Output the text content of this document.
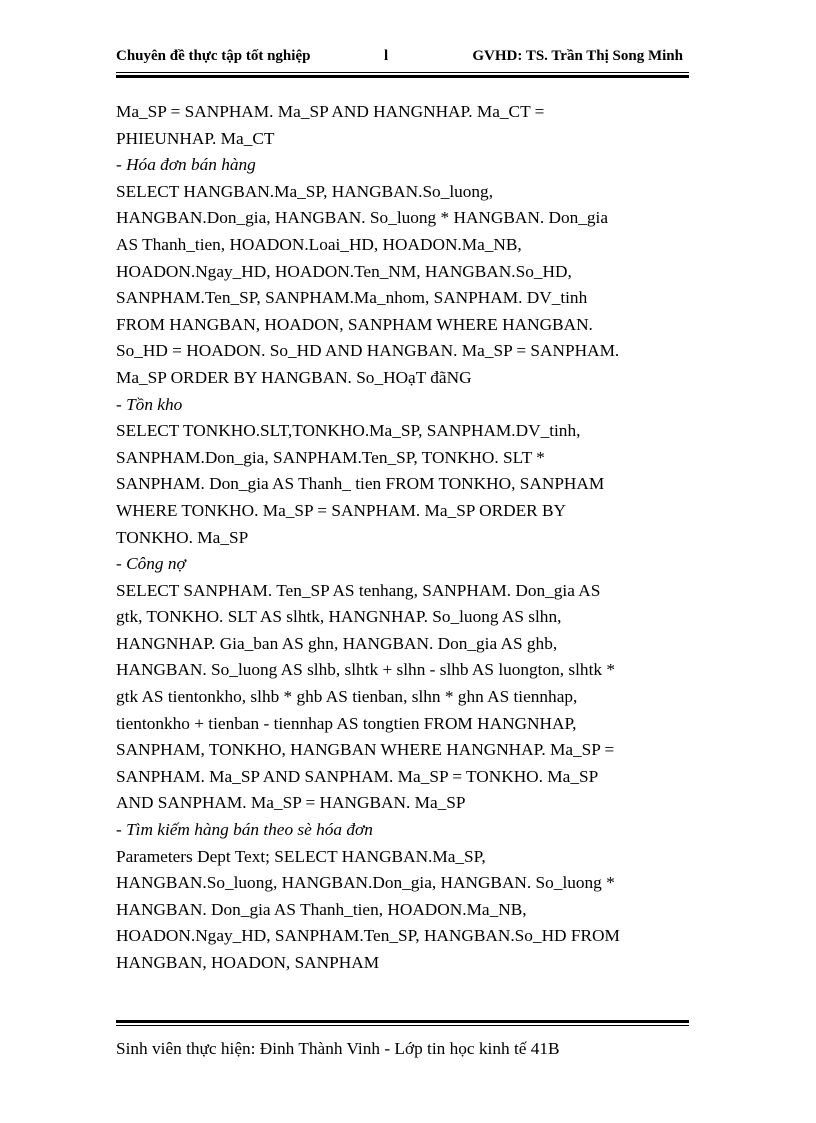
Chuyên đề thực tập tốt nghiệp	l	GVHD: TS. Trần Thị Song Minh

Ma_SP = SANPHAM. Ma_SP AND HANGNHAP. Ma_CT =

PHIEUNHAP. Ma_CT

- Hóa đơn bán hàng

SELECT HANGBAN.Ma_SP, HANGBAN.So_luong,

HANGBAN.Don_gia, HANGBAN. So_luong * HANGBAN. Don_gia

AS Thanh_tien, HOADON.Loai_HD, HOADON.Ma_NB,

HOADON.Ngay_HD, HOADON.Ten_NM, HANGBAN.So_HD,

SANPHAM.Ten_SP, SANPHAM.Ma_nhom, SANPHAM. DV_tinh

FROM HANGBAN, HOADON, SANPHAM WHERE HANGBAN.

So_HD = HOADON. So_HD AND HANGBAN. Ma_SP = SANPHAM.

Ma_SP ORDER BY HANGBAN. So_HOạT đãNG

- Tồn kho

SELECT TONKHO.SLT,TONKHO.Ma_SP, SANPHAM.DV_tinh,

SANPHAM.Don_gia, SANPHAM.Ten_SP, TONKHO. SLT *

SANPHAM. Don_gia AS Thanh_ tien FROM TONKHO, SANPHAM

WHERE TONKHO. Ma_SP = SANPHAM. Ma_SP ORDER BY

TONKHO. Ma_SP

- Công nợ

SELECT SANPHAM. Ten_SP AS tenhang, SANPHAM. Don_gia AS

gtk, TONKHO. SLT AS slhtk, HANGNHAP. So_luong AS slhn,

HANGNHAP. Gia_ban AS ghn, HANGBAN. Don_gia AS ghb,

HANGBAN. So_luong AS slhb, slhtk + slhn - slhb AS luongton, slhtk *

gtk AS tientonkho, slhb * ghb AS tienban, slhn * ghn AS tiennhap,

tientonkho + tienban - tiennhap AS tongtien FROM HANGNHAP,

SANPHAM, TONKHO, HANGBAN WHERE HANGNHAP. Ma_SP =

SANPHAM. Ma_SP AND SANPHAM. Ma_SP = TONKHO. Ma_SP

AND SANPHAM. Ma_SP = HANGBAN. Ma_SP

- Tìm kiếm hàng bán theo sè hóa đơn

Parameters Dept Text; SELECT HANGBAN.Ma_SP,

HANGBAN.So_luong, HANGBAN.Don_gia, HANGBAN. So_luong *

HANGBAN. Don_gia AS Thanh_tien, HOADON.Ma_NB,

HOADON.Ngay_HD, SANPHAM.Ten_SP, HANGBAN.So_HD FROM

HANGBAN, HOADON, SANPHAM

Sinh viên thực hiện: Đinh Thành Vinh - Lớp tin học kinh tế 41B
